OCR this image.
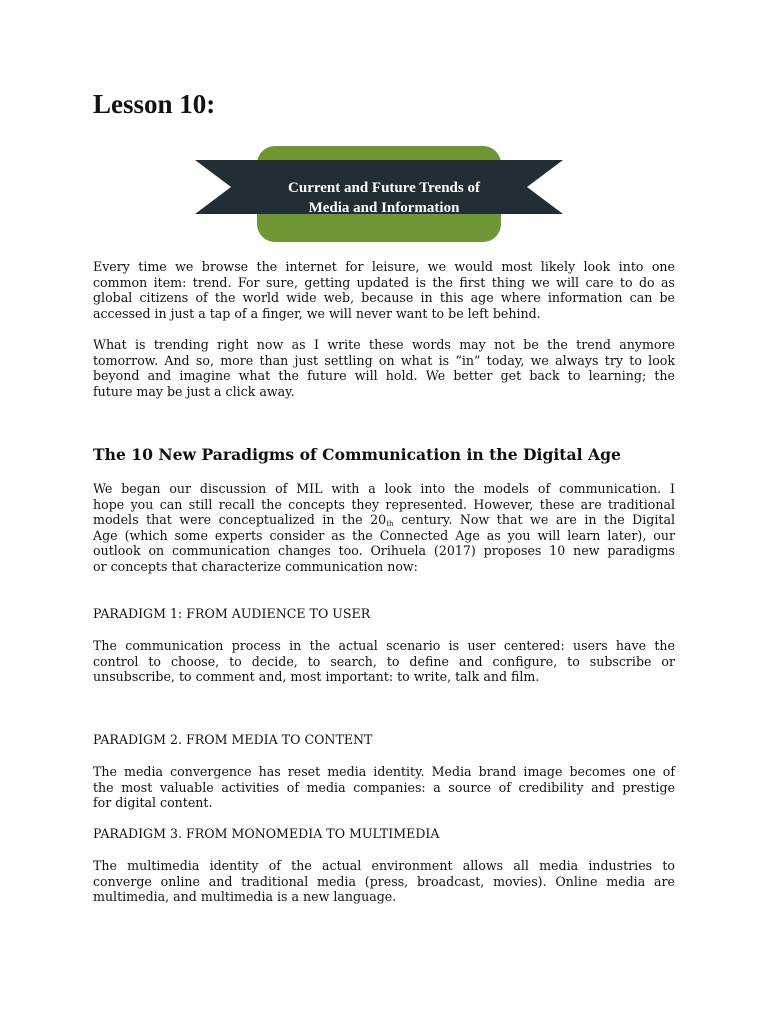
Lesson 10:
Current and Future Trends of
Media and Information

Every time we browse the internet for leisure, we would most likely look into one
common item: trend. For sure, getting updated is the first thing we will care to do as
global citizens of the world wide web, because in this age where information can be
accessed in just a tap of a finger, we will never want to be left behind.

What is trending right now as I write these words may not be the trend anymore
tomorrow. And so, more than just settling on what is “in” today, we always try to look
beyond and imagine what the future will hold. We better get back to learning; the
future may be just a click away.

The 10 New Paradigms of Communication in the Digital Age

We began our discussion of MIL with a look into the models of communication. I
hope you can still recall the concepts they represented. However, these are traditional
models that were conceptualized in the 20th century. Now that we are in the Digital
Age (which some experts consider as the Connected Age as you will learn later), our
outlook on communication changes too. Orihuela (2017) proposes 10 new paradigms
or concepts that characterize communication now:

PARADIGM 1: FROM AUDIENCE TO USER

The communication process in the actual scenario is user centered: users have the
control to choose, to decide, to search, to define and configure, to subscribe or
unsubscribe, to comment and, most important: to write, talk and film.

PARADIGM 2. FROM MEDIA TO CONTENT

The media convergence has reset media identity. Media brand image becomes one of
the most valuable activities of media companies: a source of credibility and prestige
for digital content.

PARADIGM 3. FROM MONOMEDIA TO MULTIMEDIA

The multimedia identity of the actual environment allows all media industries to
converge online and traditional media (press, broadcast, movies). Online media are
multimedia, and multimedia is a new language.
